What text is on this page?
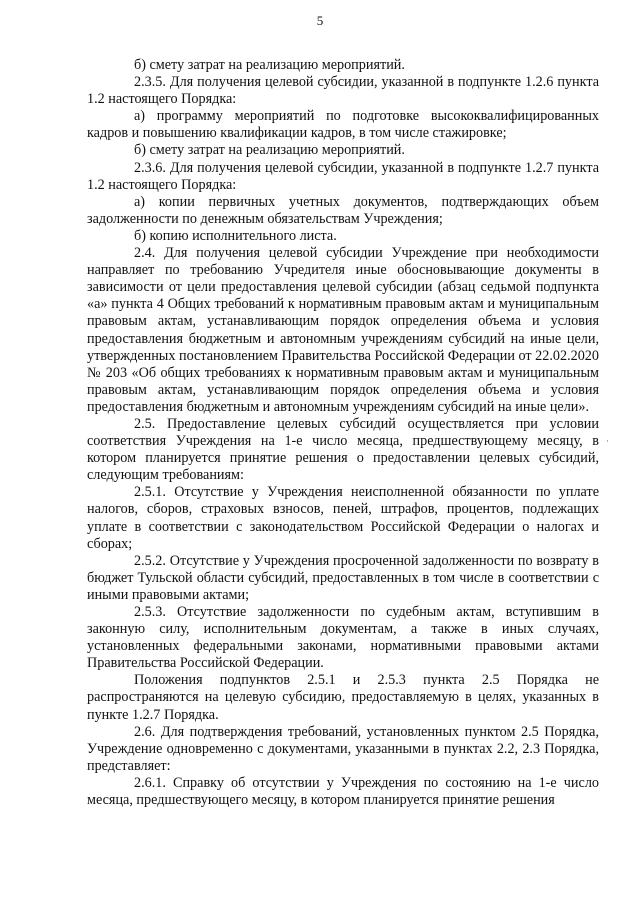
5

б) смету затрат на реализацию мероприятий.

2.3.5. Для получения целевой субсидии, указанной в подпункте 1.2.6 пункта 1.2 настоящего Порядка:

а) программу мероприятий по подготовке высококвалифицированных кадров и повышению квалификации кадров, в том числе стажировке;

б) смету затрат на реализацию мероприятий.

2.3.6. Для получения целевой субсидии, указанной в подпункте 1.2.7 пункта 1.2 настоящего Порядка:

а) копии первичных учетных документов, подтверждающих объем задолженности по денежным обязательствам Учреждения;

б) копию исполнительного листа.

2.4. Для получения целевой субсидии Учреждение при необходимости направляет по требованию Учредителя иные обосновывающие документы в зависимости от цели предоставления целевой субсидии (абзац седьмой подпункта «а» пункта 4 Общих требований к нормативным правовым актам и муниципальным правовым актам, устанавливающим порядок определения объема и условия предоставления бюджетным и автономным учреждениям субсидий на иные цели, утвержденных постановлением Правительства Российской Федерации от 22.02.2020 № 203 «Об общих требованиях к нормативным правовым актам и муниципальным правовым актам, устанавливающим порядок определения объема и условия предоставления бюджетным и автономным учреждениям субсидий на иные цели».

2.5. Предоставление целевых субсидий осуществляется при условии соответствия Учреждения на 1-е число месяца, предшествующему месяцу, в котором планируется принятие решения о предоставлении целевых субсидий, следующим требованиям:

2.5.1. Отсутствие у Учреждения неисполненной обязанности по уплате налогов, сборов, страховых взносов, пеней, штрафов, процентов, подлежащих уплате в соответствии с законодательством Российской Федерации о налогах и сборах;

2.5.2. Отсутствие у Учреждения просроченной задолженности по возврату в бюджет Тульской области субсидий, предоставленных в том числе в соответствии с иными правовыми актами;

2.5.3. Отсутствие задолженности по судебным актам, вступившим в законную силу, исполнительным документам, а также в иных случаях, установленных федеральными законами, нормативными правовыми актами Правительства Российской Федерации.

Положения подпунктов 2.5.1 и 2.5.3 пункта 2.5 Порядка не распространяются на целевую субсидию, предоставляемую в целях, указанных в пункте 1.2.7 Порядка.

2.6. Для подтверждения требований, установленных пунктом 2.5 Порядка, Учреждение одновременно с документами, указанными в пунктах 2.2, 2.3 Порядка, представляет:

2.6.1. Справку об отсутствии у Учреждения по состоянию на 1-е число месяца, предшествующего месяцу, в котором планируется принятие решения

·
